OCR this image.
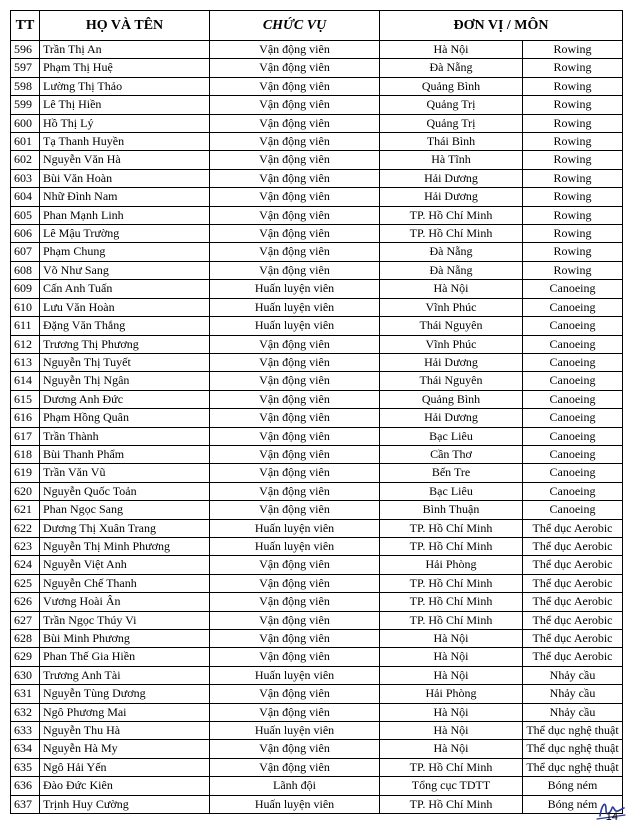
TT	HỌ VÀ TÊN	CHỨC VỤ	ĐƠN VỊ / MÔN	
596	Trần Thị An	Vận động viên	Hà Nội	Rowing
597	Phạm Thị Huệ	Vận động viên	Đà Nẵng	Rowing
598	Lường Thị Thảo	Vận động viên	Quảng Bình	Rowing
599	Lê Thị Hiền	Vận động viên	Quảng Trị	Rowing
600	Hồ Thị Lý	Vận động viên	Quảng Trị	Rowing
601	Tạ Thanh Huyền	Vận động viên	Thái Bình	Rowing
602	Nguyễn Văn Hà	Vận động viên	Hà Tĩnh	Rowing
603	Bùi Văn Hoàn	Vận động viên	Hải Dương	Rowing
604	Nhữ Đình Nam	Vận động viên	Hải Dương	Rowing
605	Phan Mạnh Linh	Vận động viên	TP. Hồ Chí Minh	Rowing
606	Lê Mậu Trường	Vận động viên	TP. Hồ Chí Minh	Rowing
607	Phạm Chung	Vận động viên	Đà Nẵng	Rowing
608	Võ Như Sang	Vận động viên	Đà Nẵng	Rowing
609	Cấn Anh Tuấn	Huấn luyện viên	Hà Nội	Canoeing
610	Lưu Văn Hoàn	Huấn luyện viên	Vĩnh Phúc	Canoeing
611	Đặng Văn Thắng	Huấn luyện viên	Thái Nguyên	Canoeing
612	Trương Thị Phương	Vận động viên	Vĩnh Phúc	Canoeing
613	Nguyễn Thị Tuyết	Vận động viên	Hải Dương	Canoeing
614	Nguyễn Thị Ngân	Vận động viên	Thái Nguyên	Canoeing
615	Dương Anh Đức	Vận động viên	Quảng Bình	Canoeing
616	Phạm Hồng Quân	Vận động viên	Hải Dương	Canoeing
617	Trần Thành	Vận động viên	Bạc Liêu	Canoeing
618	Bùi Thanh Phẩm	Vận động viên	Cần Thơ	Canoeing
619	Trần Văn Vũ	Vận động viên	Bến Tre	Canoeing
620	Nguyễn Quốc Toản	Vận động viên	Bạc Liêu	Canoeing
621	Phan Ngọc Sang	Vận động viên	Bình Thuận	Canoeing
622	Dương Thị Xuân Trang	Huấn luyện viên	TP. Hồ Chí Minh	Thể dục Aerobic
623	Nguyễn Thị Minh Phương	Huấn luyện viên	TP. Hồ Chí Minh	Thể dục Aerobic
624	Nguyễn Việt Anh	Vận động viên	Hải Phòng	Thể dục Aerobic
625	Nguyễn Chế Thanh	Vận động viên	TP. Hồ Chí Minh	Thể dục Aerobic
626	Vương Hoài Ân	Vận động viên	TP. Hồ Chí Minh	Thể dục Aerobic
627	Trần Ngọc Thúy Vi	Vận động viên	TP. Hồ Chí Minh	Thể dục Aerobic
628	Bùi Minh Phương	Vận động viên	Hà Nội	Thể dục Aerobic
629	Phan Thế Gia Hiền	Vận động viên	Hà Nội	Thể dục Aerobic
630	Trương Anh Tài	Huấn luyện viên	Hà Nội	Nhảy cầu
631	Nguyễn Tùng Dương	Vận động viên	Hải Phòng	Nhảy cầu
632	Ngô Phương Mai	Vận động viên	Hà Nội	Nhảy cầu
633	Nguyễn Thu Hà	Huấn luyện viên	Hà Nội	Thể dục nghệ thuật
634	Nguyễn Hà My	Vận động viên	Hà Nội	Thể dục nghệ thuật
635	Ngô Hải Yến	Vận động viên	TP. Hồ Chí Minh	Thể dục nghệ thuật
636	Đào Đức Kiên	Lãnh đội	Tổng cục TDTT	Bóng ném
637	Trịnh Huy Cường	Huấn luyện viên	TP. Hồ Chí Minh	Bóng ném
14
